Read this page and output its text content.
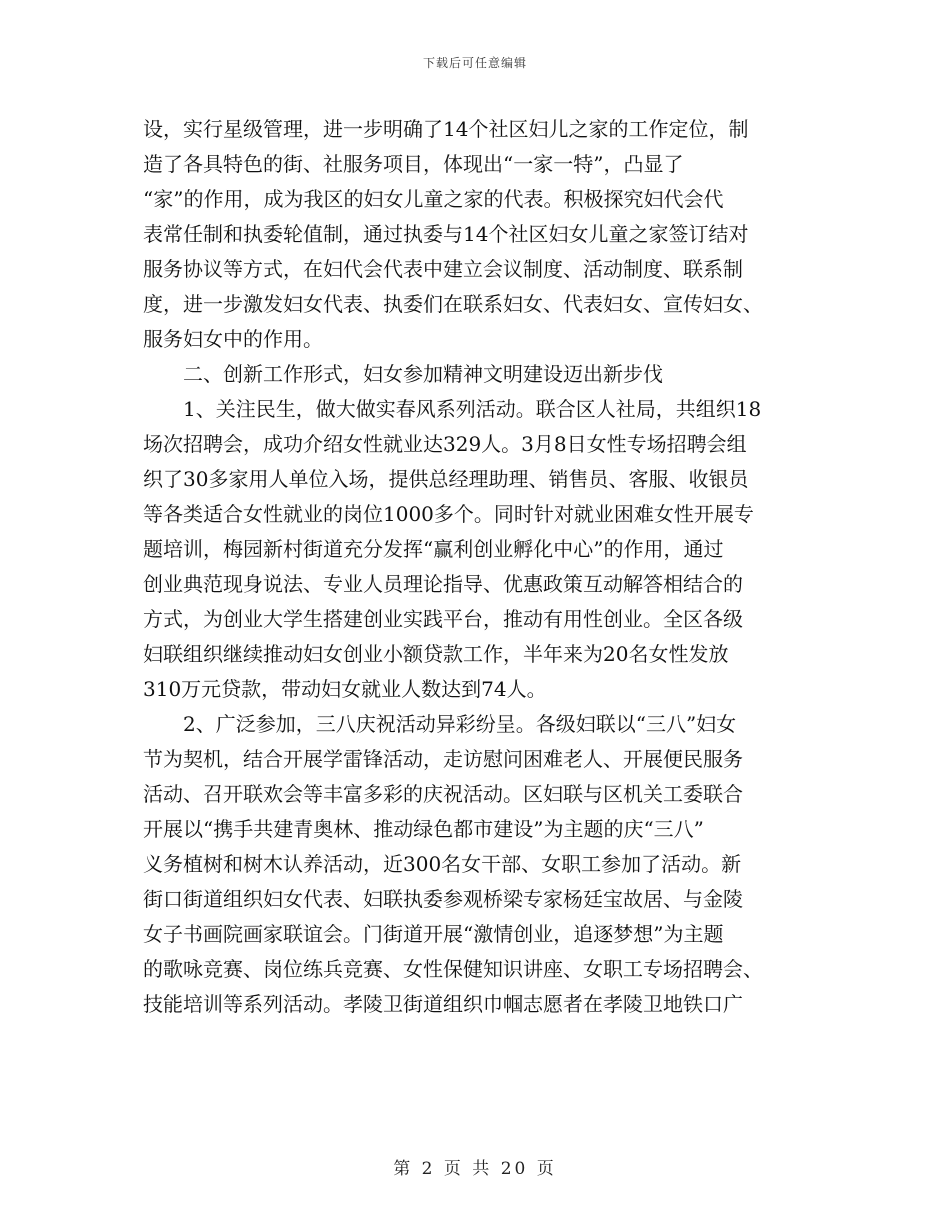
下载后可任意编辑
设，实行星级管理，进一步明确了14个社区妇儿之家的工作定位，制
造了各具特色的街、社服务项目，体现出“一家一特”，凸显了
“家”的作用，成为我区的妇女儿童之家的代表。积极探究妇代会代
表常任制和执委轮值制，通过执委与14个社区妇女儿童之家签订结对
服务协议等方式，在妇代会代表中建立会议制度、活动制度、联系制
度，进一步激发妇女代表、执委们在联系妇女、代表妇女、宣传妇女、
服务妇女中的作用。
　　二、创新工作形式，妇女参加精神文明建设迈出新步伐
　　1、关注民生，做大做实春风系列活动。联合区人社局，共组织18
场次招聘会，成功介绍女性就业达329人。3月8日女性专场招聘会组
织了30多家用人单位入场，提供总经理助理、销售员、客服、收银员
等各类适合女性就业的岗位1000多个。同时针对就业困难女性开展专
题培训，梅园新村街道充分发挥“赢利创业孵化中心”的作用，通过
创业典范现身说法、专业人员理论指导、优惠政策互动解答相结合的
方式，为创业大学生搭建创业实践平台，推动有用性创业。全区各级
妇联组织继续推动妇女创业小额贷款工作，半年来为20名女性发放
310万元贷款，带动妇女就业人数达到74人。
　　2、广泛参加，三八庆祝活动异彩纷呈。各级妇联以“三八”妇女
节为契机，结合开展学雷锋活动，走访慰问困难老人、开展便民服务
活动、召开联欢会等丰富多彩的庆祝活动。区妇联与区机关工委联合
开展以“携手共建青奥林、推动绿色都市建设”为主题的庆“三八”
义务植树和树木认养活动，近300名女干部、女职工参加了活动。新
街口街道组织妇女代表、妇联执委参观桥梁专家杨廷宝故居、与金陵
女子书画院画家联谊会。门街道开展“激情创业，追逐梦想”为主题
的歌咏竞赛、岗位练兵竞赛、女性保健知识讲座、女职工专场招聘会、
技能培训等系列活动。孝陵卫街道组织巾帼志愿者在孝陵卫地铁口广
第 2 页 共 20 页
